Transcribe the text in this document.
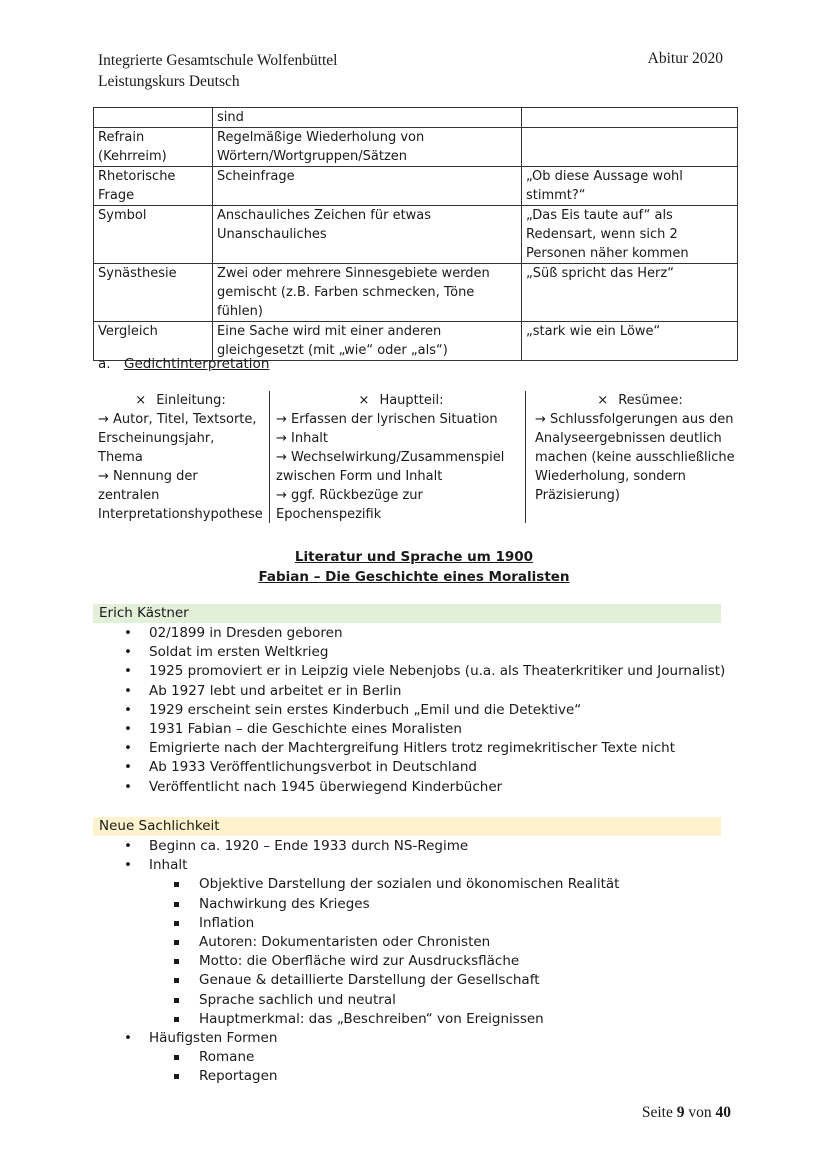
Integrierte Gesamtschule Wolfenbüttel
Leistungskurs Deutsch
Abitur 2020
	sind	
Refrain (Kehrreim)	Regelmäßige Wiederholung von Wörtern/Wortgruppen/Sätzen	
Rhetorische Frage	Scheinfrage	„Ob diese Aussage wohl stimmt?“
Symbol	Anschauliches Zeichen für etwas Unanschauliches	„Das Eis taute auf“ als Redensart, wenn sich 2 Personen näher kommen
Synästhesie	Zwei oder mehrere Sinnesgebiete werden gemischt (z.B. Farben schmecken, Töne fühlen)	„Süß spricht das Herz“
Vergleich	Eine Sache wird mit einer anderen gleichgesetzt (mit „wie“ oder „als“)	„stark wie ein Löwe“
a. Gedichtinterpretation
× Einleitung:
→ Autor, Titel, Textsorte, Erscheinungsjahr, Thema
→ Nennung der zentralen Interpretationshypothese
× Hauptteil:
→ Erfassen der lyrischen Situation
→ Inhalt
→ Wechselwirkung/Zusammenspiel zwischen Form und Inhalt
→ ggf. Rückbezüge zur Epochenspezifik
× Resümee:
→ Schlussfolgerungen aus den Analyseergebnissen deutlich machen (keine ausschließliche Wiederholung, sondern Präzisierung)
Literatur und Sprache um 1900
Fabian – Die Geschichte eines Moralisten
Erich Kästner
• 02/1899 in Dresden geboren
• Soldat im ersten Weltkrieg
• 1925 promoviert er in Leipzig viele Nebenjobs (u.a. als Theaterkritiker und Journalist)
• Ab 1927 lebt und arbeitet er in Berlin
• 1929 erscheint sein erstes Kinderbuch „Emil und die Detektive“
• 1931 Fabian – die Geschichte eines Moralisten
• Emigrierte nach der Machtergreifung Hitlers trotz regimekritischer Texte nicht
• Ab 1933 Veröffentlichungsverbot in Deutschland
• Veröffentlicht nach 1945 überwiegend Kinderbücher
Neue Sachlichkeit
• Beginn ca. 1920 – Ende 1933 durch NS-Regime
• Inhalt
Objektive Darstellung der sozialen und ökonomischen Realität
Nachwirkung des Krieges
Inflation
Autoren: Dokumentaristen oder Chronisten
Motto: die Oberfläche wird zur Ausdrucksfläche
Genaue & detaillierte Darstellung der Gesellschaft
Sprache sachlich und neutral
Hauptmerkmal: das „Beschreiben“ von Ereignissen
• Häufigsten Formen
Romane
Reportagen
Seite 9 von 40
